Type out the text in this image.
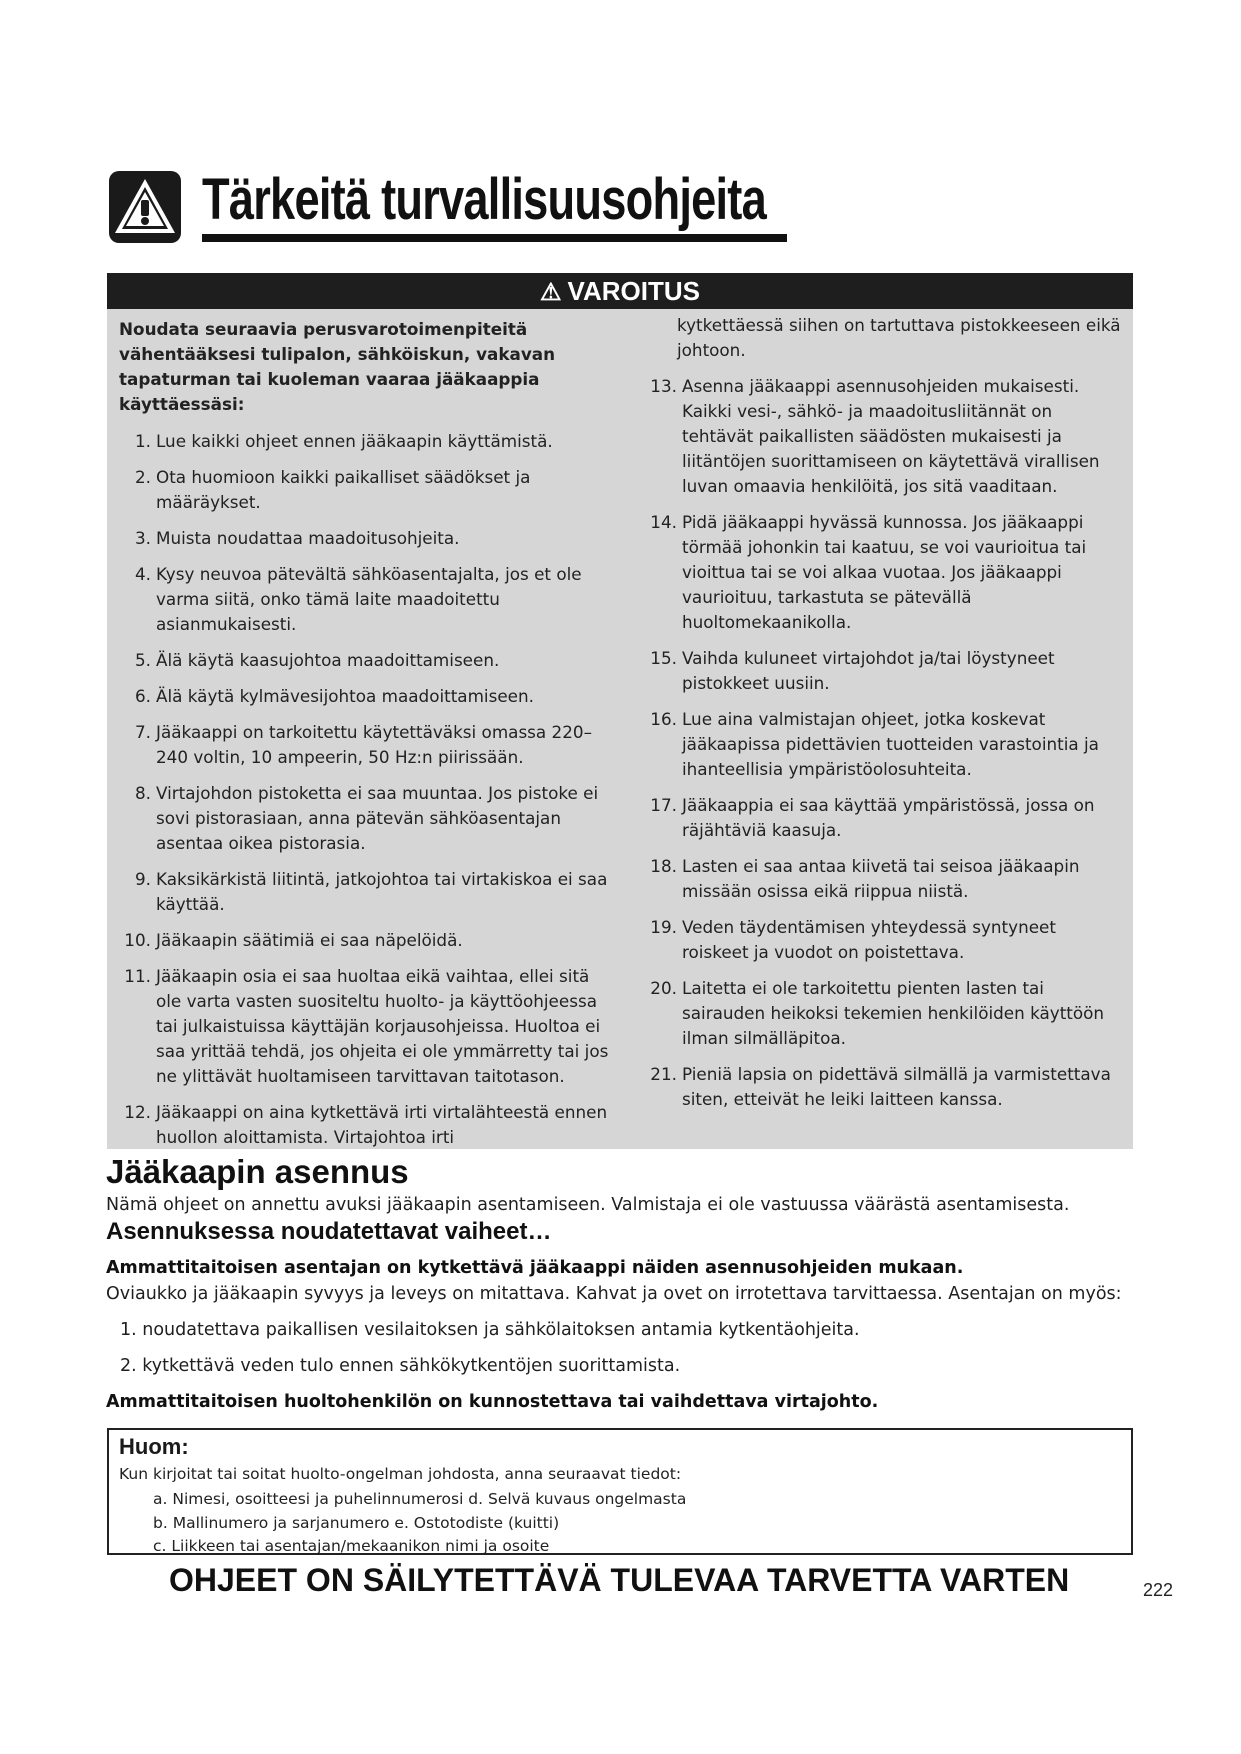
Tärkeitä turvallisuusohjeita
⚠ VAROITUS
Noudata seuraavia perusvarotoimenpiteitä vähentääksesi tulipalon, sähköiskun, vakavan tapaturman tai kuoleman vaaraa jääkaappia käyttäessäsi:
1. Lue kaikki ohjeet ennen jääkaapin käyttämistä.
2. Ota huomioon kaikki paikalliset säädökset ja määräykset.
3. Muista noudattaa maadoitusohjeita.
4. Kysy neuvoa pätevältä sähköasentajalta, jos et ole varma siitä, onko tämä laite maadoitettu asianmukaisesti.
5. Älä käytä kaasujohtoa maadoittamiseen.
6. Älä käytä kylmävesijohtoa maadoittamiseen.
7. Jääkaappi on tarkoitettu käytettäväksi omassa 220–240 voltin, 10 ampeerin, 50 Hz:n piirissään.
8. Virtajohdon pistoketta ei saa muuntaa. Jos pistoke ei sovi pistorasiaan, anna pätevän sähköasentajan asentaa oikea pistorasia.
9. Kaksikärkistä liitintä, jatkojohtoa tai virtakiskoa ei saa käyttää.
10. Jääkaapin säätimiä ei saa näpelöidä.
11. Jääkaapin osia ei saa huoltaa eikä vaihtaa, ellei sitä ole varta vasten suositeltu huolto- ja käyttöohjeessa tai julkaistuissa käyttäjän korjausohjeissa. Huoltoa ei saa yrittää tehdä, jos ohjeita ei ole ymmärretty tai jos ne ylittävät huoltamiseen tarvittavan taitotason.
12. Jääkaappi on aina kytkettävä irti virtalähteestä ennen huollon aloittamista. Virtajohtoa irti
kytkettäessä siihen on tartuttava pistokkeeseen eikä johtoon.
13. Asenna jääkaappi asennusohjeiden mukaisesti. Kaikki vesi-, sähkö- ja maadoitusliitännät on tehtävät paikallisten säädösten mukaisesti ja liitäntöjen suorittamiseen on käytettävä virallisen luvan omaavia henkilöitä, jos sitä vaaditaan.
14. Pidä jääkaappi hyvässä kunnossa. Jos jääkaappi törmää johonkin tai kaatuu, se voi vaurioitua tai vioittua tai se voi alkaa vuotaa. Jos jääkaappi vaurioituu, tarkastuta se pätevällä huoltomekaanikolla.
15. Vaihda kuluneet virtajohdot ja/tai löystyneet pistokkeet uusiin.
16. Lue aina valmistajan ohjeet, jotka koskevat jääkaapissa pidettävien tuotteiden varastointia ja ihanteellisia ympäristöolosuhteita.
17. Jääkaappia ei saa käyttää ympäristössä, jossa on räjähtäviä kaasuja.
18. Lasten ei saa antaa kiivetä tai seisoa jääkaapin missään osissa eikä riippua niistä.
19. Veden täydentämisen yhteydessä syntyneet roiskeet ja vuodot on poistettava.
20. Laitetta ei ole tarkoitettu pienten lasten tai sairauden heikoksi tekemien henkilöiden käyttöön ilman silmälläpitoa.
21. Pieniä lapsia on pidettävä silmällä ja varmistettava siten, etteivät he leiki laitteen kanssa.
Jääkaapin asennus
Nämä ohjeet on annettu avuksi jääkaapin asentamiseen. Valmistaja ei ole vastuussa väärästä asentamisesta.
Asennuksessa noudatettavat vaiheet…
Ammattitaitoisen asentajan on kytkettävä jääkaappi näiden asennusohjeiden mukaan.
Oviaukko ja jääkaapin syvyys ja leveys on mitattava. Kahvat ja ovet on irrotettava tarvittaessa. Asentajan on myös:
1. noudatettava paikallisen vesilaitoksen ja sähkölaitoksen antamia kytkentäohjeita.
2. kytkettävä veden tulo ennen sähkökytkentöjen suorittamista.
Ammattitaitoisen huoltohenkilön on kunnostettava tai vaihdettava virtajohto.
Huom:
Kun kirjoitat tai soitat huolto-ongelman johdosta, anna seuraavat tiedot:
a. Nimesi, osoitteesi ja puhelinnumerosi d. Selvä kuvaus ongelmasta
b. Mallinumero ja sarjanumero e. Ostotodiste (kuitti)
c. Liikkeen tai asentajan/mekaanikon nimi ja osoite
OHJEET ON SÄILYTETTÄVÄ TULEVAA TARVETTA VARTEN	222
